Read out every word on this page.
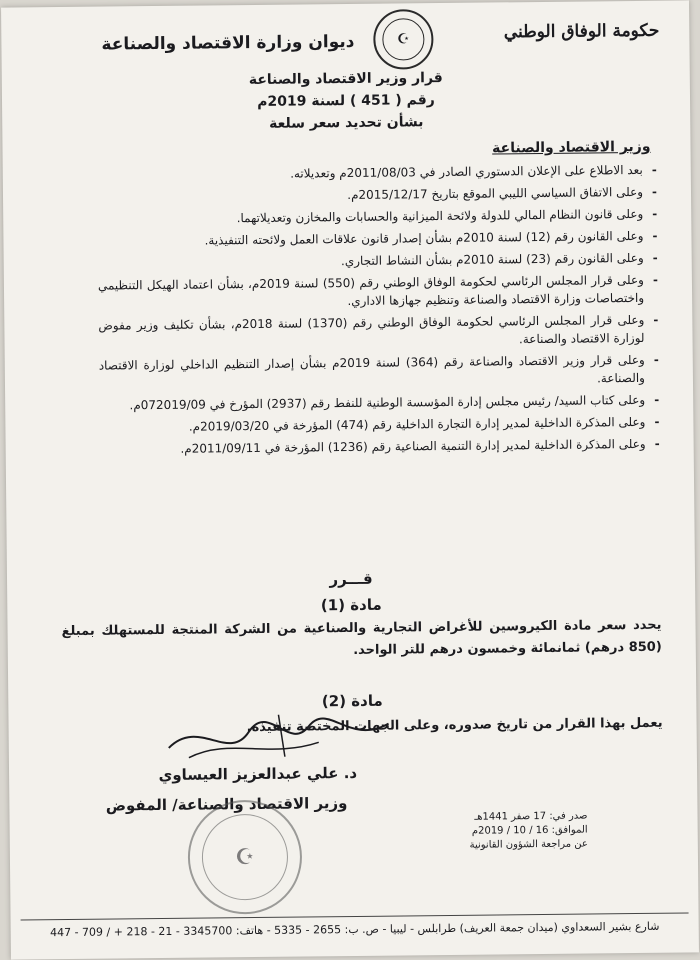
حكومة الوفاق الوطني
☪
ديوان وزارة الاقتصاد والصناعة
قرار وزير الاقتصاد والصناعة
رقم ( 451 ) لسنة 2019م
بشأن تحديد سعر سلعة
وزير الاقتصاد والصناعة
-
بعد الاطلاع على الإعلان الدستوري الصادر في 2011/08/03م وتعديلاته.
-
وعلى الاتفاق السياسي الليبي الموقع بتاريخ 2015/12/17م.
-
وعلى قانون النظام المالي للدولة ولائحة الميزانية والحسابات والمخازن وتعديلاتهما.
-
وعلى القانون رقم (12) لسنة 2010م بشأن إصدار قانون علاقات العمل ولائحته التنفيذية.
-
وعلى القانون رقم (23) لسنة 2010م بشأن النشاط التجاري.
-
وعلى قرار المجلس الرئاسي لحكومة الوفاق الوطني رقم (550) لسنة 2019م، بشأن اعتماد الهيكل التنظيمي واختصاصات وزارة الاقتصاد والصناعة وتنظيم جهازها الاداري.
-
وعلى قرار المجلس الرئاسي لحكومة الوفاق الوطني رقم (1370) لسنة 2018م، بشأن تكليف وزير مفوض لوزارة الاقتصاد والصناعة.
-
وعلى قرار وزير الاقتصاد والصناعة رقم (364) لسنة 2019م بشأن إصدار التنظيم الداخلي لوزارة الاقتصاد والصناعة.
-
وعلى كتاب السيد/ رئيس مجلس إدارة المؤسسة الوطنية للنفط رقم (2937) المؤرخ في 072019/09م.
-
وعلى المذكرة الداخلية لمدير إدارة التجارة الداخلية رقم (474) المؤرخة في 2019/03/20م.
-
وعلى المذكرة الداخلية لمدير إدارة التنمية الصناعية رقم (1236) المؤرخة في 2011/09/11م.
قـــرر
مادة (1)
يحدد سعر مادة الكيروسين للأغراض التجارية والصناعية من الشركة المنتجة للمستهلك بمبلغ (850 درهم) ثمانمائة وخمسون درهم للتر الواحد.
مادة (2)
يعمل بهذا القرار من تاريخ صدوره، وعلى الجهات المختصة تنفيذه.
د. علي عبدالعزيز العيساوي
وزير الاقتصاد والصناعة/ المفوض
☪
صدر في: 17 صفر 1441هـ
الموافق: 16 / 10 / 2019م
عن مراجعة الشؤون القانونية
شارع بشير السعداوي (ميدان جمعة العريف) طرابلس - ليبيا - ص. ب: 2655 - 5335 - هاتف: 3345700 - 21 - 218 + / 709 - 447
